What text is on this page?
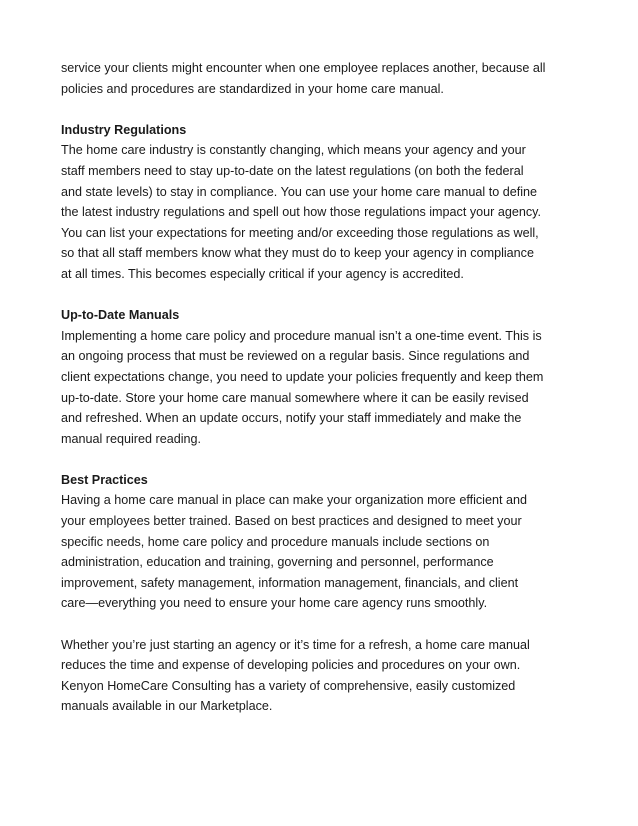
service your clients might encounter when one employee replaces another, because all
policies and procedures are standardized in your home care manual.
Industry Regulations
The home care industry is constantly changing, which means your agency and your
staff members need to stay up-to-date on the latest regulations (on both the federal
and state levels) to stay in compliance. You can use your home care manual to define
the latest industry regulations and spell out how those regulations impact your agency.
You can list your expectations for meeting and/or exceeding those regulations as well,
so that all staff members know what they must do to keep your agency in compliance
at all times. This becomes especially critical if your agency is accredited.
Up-to-Date Manuals
Implementing a home care policy and procedure manual isn’t a one-time event. This is
an ongoing process that must be reviewed on a regular basis. Since regulations and
client expectations change, you need to update your policies frequently and keep them
up-to-date. Store your home care manual somewhere where it can be easily revised
and refreshed. When an update occurs, notify your staff immediately and make the
manual required reading.
Best Practices
Having a home care manual in place can make your organization more efficient and
your employees better trained. Based on best practices and designed to meet your
specific needs, home care policy and procedure manuals include sections on
administration, education and training, governing and personnel, performance
improvement, safety management, information management, financials, and client
care—everything you need to ensure your home care agency runs smoothly.
Whether you’re just starting an agency or it’s time for a refresh, a home care manual
reduces the time and expense of developing policies and procedures on your own.
Kenyon HomeCare Consulting has a variety of comprehensive, easily customized
manuals available in our Marketplace.
